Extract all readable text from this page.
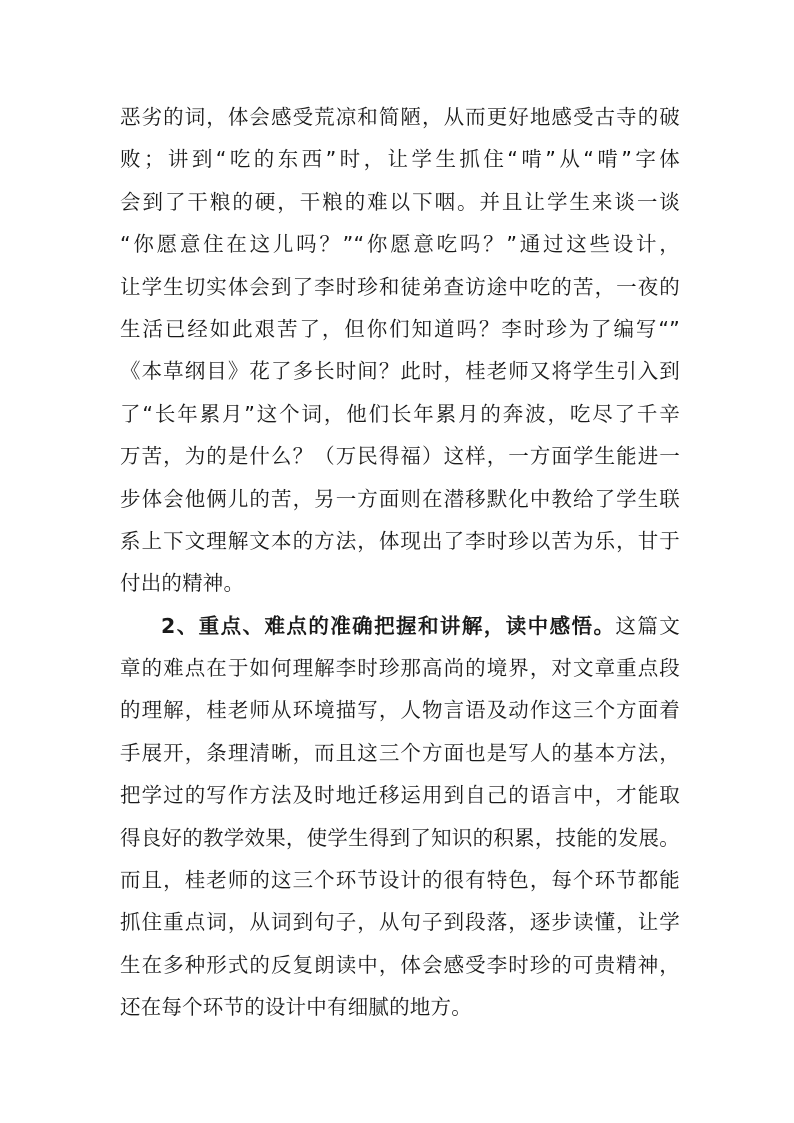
恶劣的词，体会感受荒凉和简陋，从而更好地感受古寺的破
败；讲到“吃的东西”时，让学生抓住“啃”从“啃”字体
会到了干粮的硬，干粮的难以下咽。并且让学生来谈一谈
“你愿意住在这儿吗？”“你愿意吃吗？”通过这些设计，
让学生切实体会到了李时珍和徒弟查访途中吃的苦，一夜的
生活已经如此艰苦了，但你们知道吗？李时珍为了编写“”
《本草纲目》花了多长时间？此时，桂老师又将学生引入到
了“长年累月”这个词，他们长年累月的奔波，吃尽了千辛
万苦，为的是什么？（万民得福）这样，一方面学生能进一
步体会他俩儿的苦，另一方面则在潜移默化中教给了学生联
系上下文理解文本的方法，体现出了李时珍以苦为乐，甘于
付出的精神。
2、重点、难点的准确把握和讲解，读中感悟。这篇文
章的难点在于如何理解李时珍那高尚的境界，对文章重点段
的理解，桂老师从环境描写，人物言语及动作这三个方面着
手展开，条理清晰，而且这三个方面也是写人的基本方法，
把学过的写作方法及时地迁移运用到自己的语言中，才能取
得良好的教学效果，使学生得到了知识的积累，技能的发展。
而且，桂老师的这三个环节设计的很有特色，每个环节都能
抓住重点词，从词到句子，从句子到段落，逐步读懂，让学
生在多种形式的反复朗读中，体会感受李时珍的可贵精神，
还在每个环节的设计中有细腻的地方。
